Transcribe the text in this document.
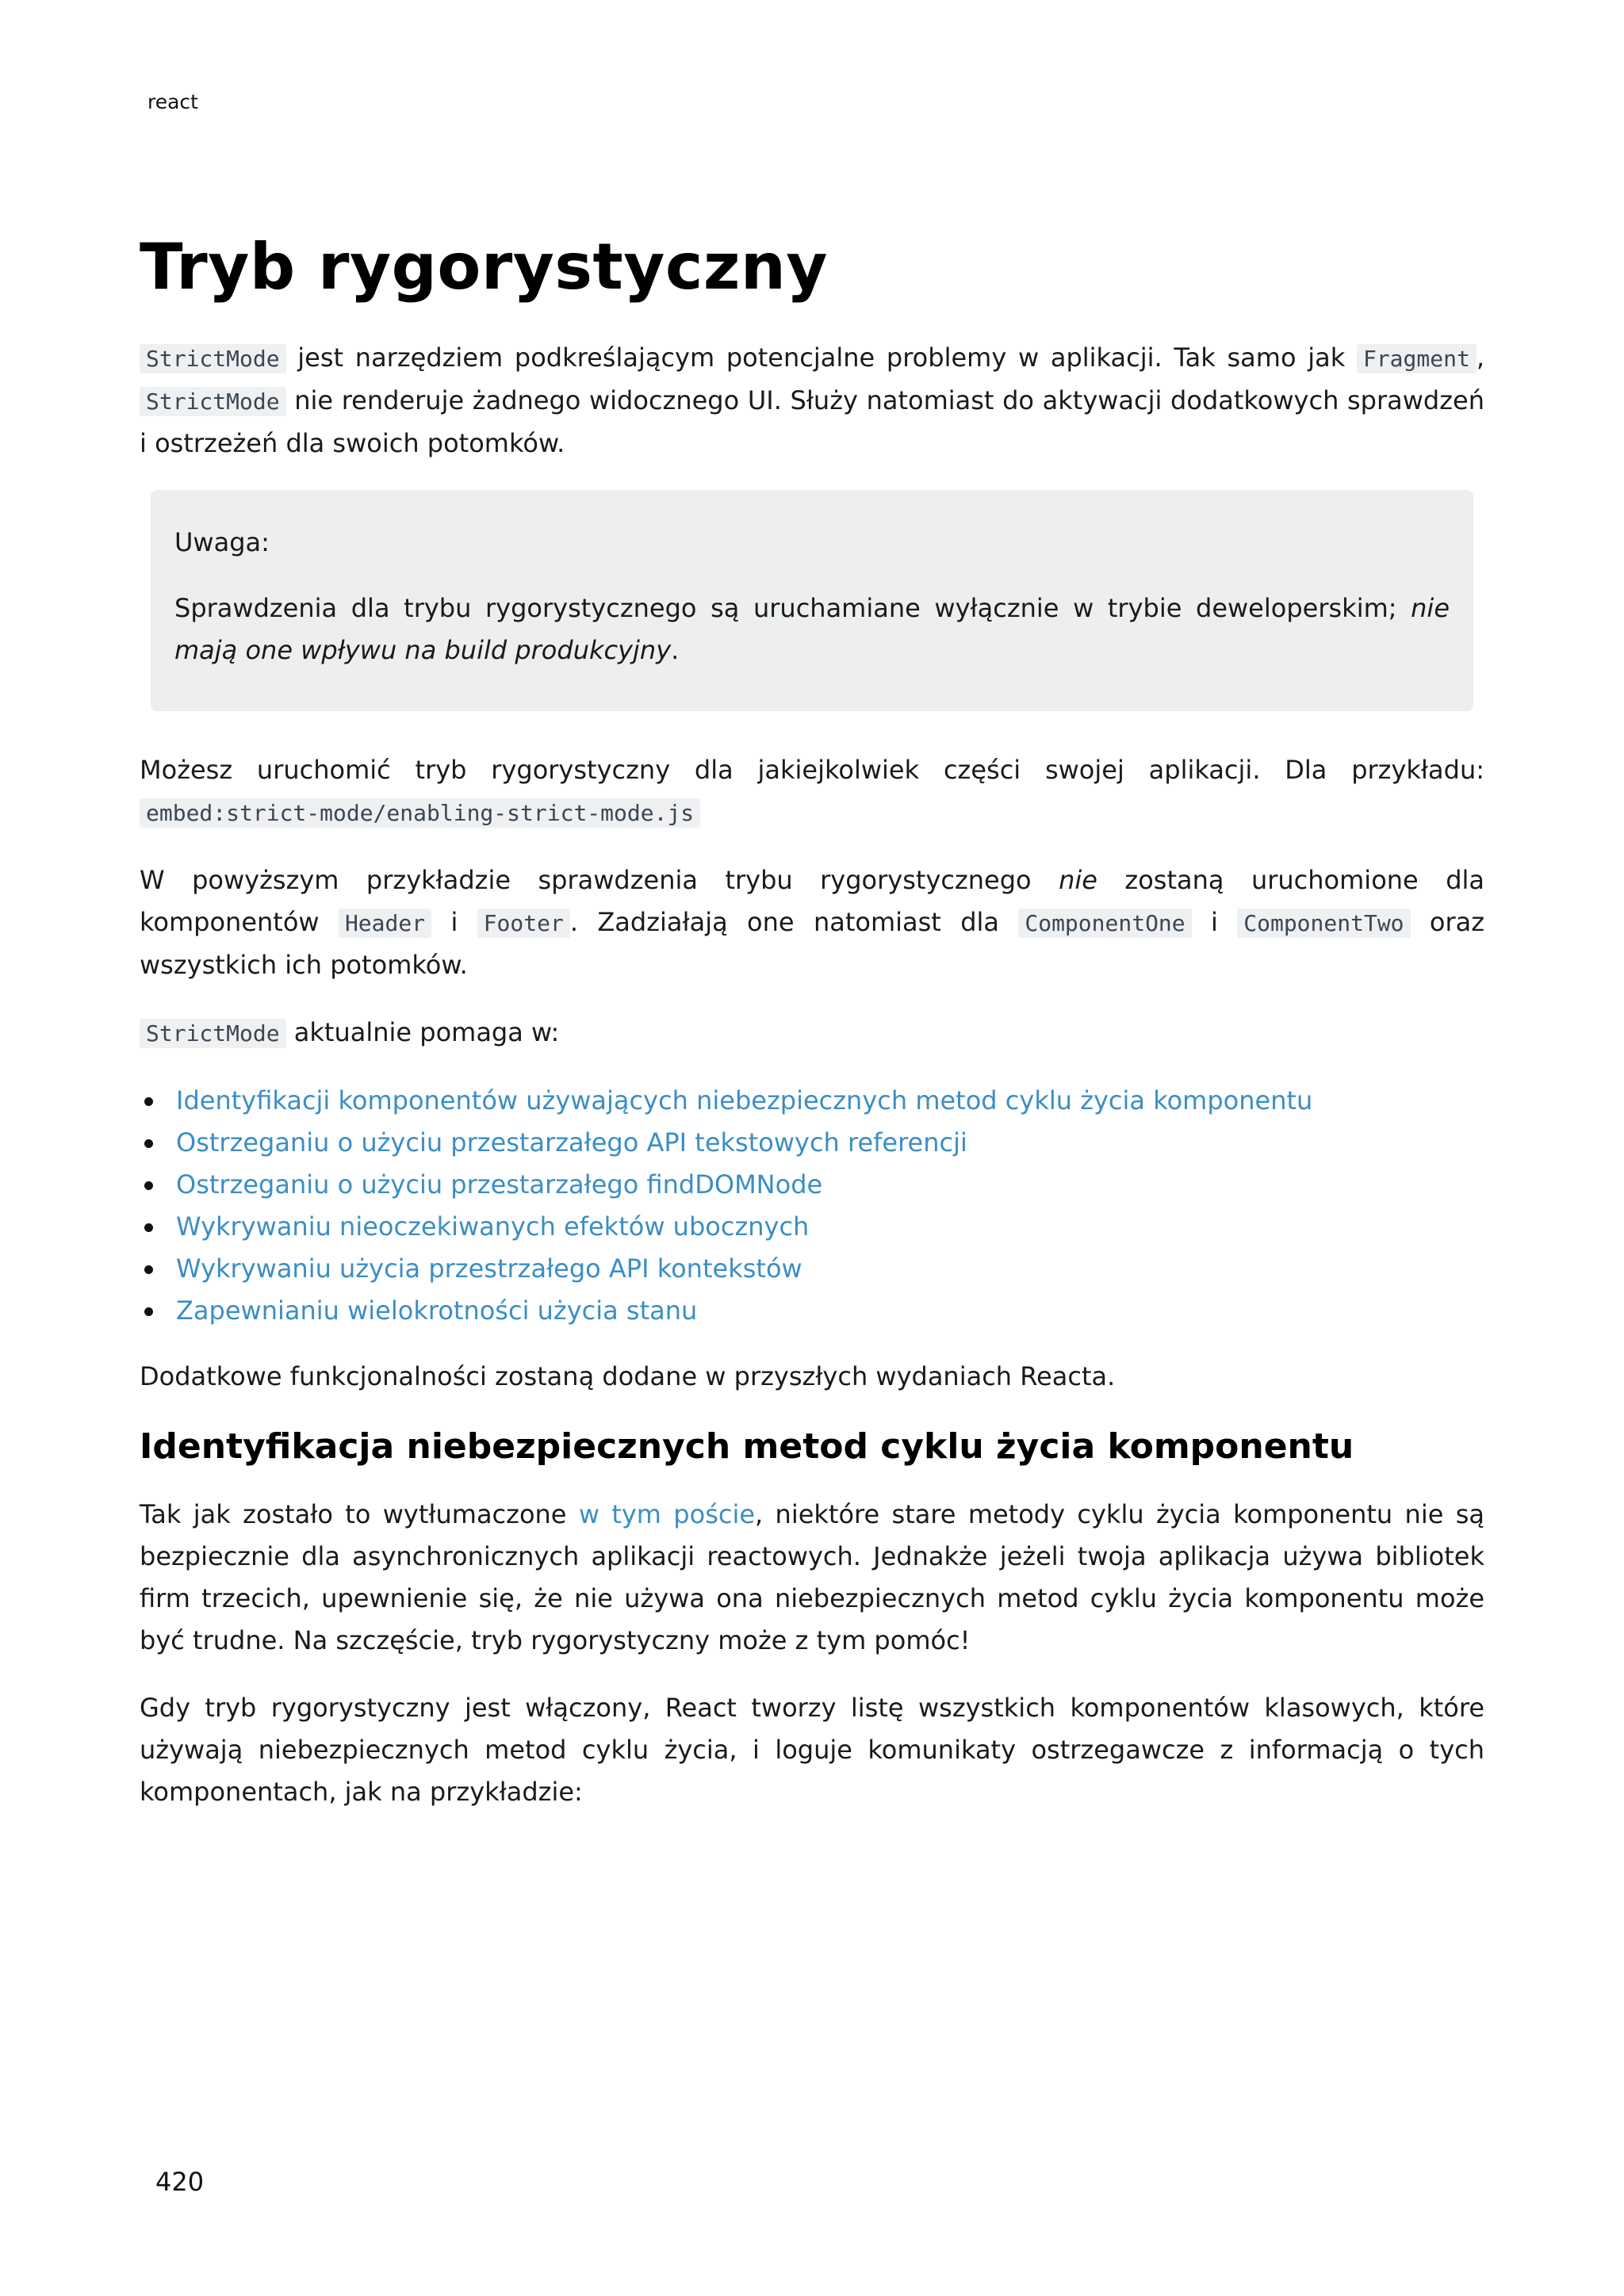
react
Tryb rygorystyczny

StrictMode jest narzędziem podkreślającym potencjalne problemy w aplikacji. Tak samo jak Fragment , StrictMode nie renderuje żadnego widocznego UI. Służy natomiast do aktywacji dodatkowych sprawdzeń i ostrzeżeń dla swoich potomków.

Uwaga:

Sprawdzenia dla trybu rygorystycznego są uruchamiane wyłącznie w trybie deweloperskim; nie mają one wpływu na build produkcyjny.

Możesz uruchomić tryb rygorystyczny dla jakiejkolwiek części swojej aplikacji. Dla przykładu: embed:strict-mode/enabling-strict-mode.js

W powyższym przykładzie sprawdzenia trybu rygorystycznego nie zostaną uruchomione dla komponentów Header i Footer . Zadziałają one natomiast dla ComponentOne i ComponentTwo oraz wszystkich ich potomków.

StrictMode aktualnie pomaga w:

Identyfikacji komponentów używających niebezpiecznych metod cyklu życia komponentu
Ostrzeganiu o użyciu przestarzałego API tekstowych referencji
Ostrzeganiu o użyciu przestarzałego findDOMNode
Wykrywaniu nieoczekiwanych efektów ubocznych
Wykrywaniu użycia przestrzałego API kontekstów
Zapewnianiu wielokrotności użycia stanu

Dodatkowe funkcjonalności zostaną dodane w przyszłych wydaniach Reacta.

Identyfikacja niebezpiecznych metod cyklu życia komponentu

Tak jak zostało to wytłumaczone w tym poście, niektóre stare metody cyklu życia komponentu nie są bezpiecznie dla asynchronicznych aplikacji reactowych. Jednakże jeżeli twoja aplikacja używa bibliotek firm trzecich, upewnienie się, że nie używa ona niebezpiecznych metod cyklu życia komponentu może być trudne. Na szczęście, tryb rygorystyczny może z tym pomóc!

Gdy tryb rygorystyczny jest włączony, React tworzy listę wszystkich komponentów klasowych, które używają niebezpiecznych metod cyklu życia, i loguje komunikaty ostrzegawcze z informacją o tych komponentach, jak na przykładzie:

420
